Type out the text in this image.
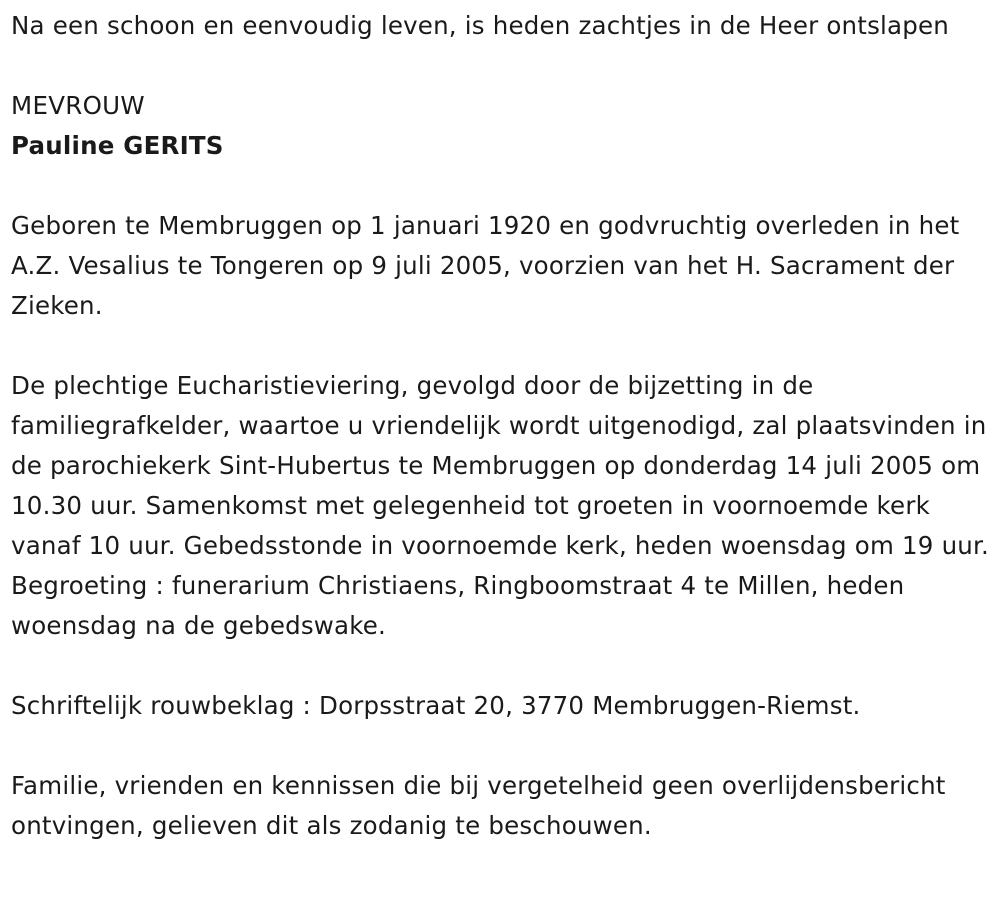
Na een schoon en eenvoudig leven, is heden zachtjes in de Heer ontslapen

MEVROUW

Pauline GERITS

Geboren te Membruggen op 1 januari 1920 en godvruchtig overleden in het A.Z. Vesalius te Tongeren op 9 juli 2005, voorzien van het H. Sacrament der Zieken.

De plechtige Eucharistieviering, gevolgd door de bijzetting in de familiegrafkelder, waartoe u vriendelijk wordt uitgenodigd, zal plaatsvinden in de parochiekerk Sint-Hubertus te Membruggen op donderdag 14 juli 2005 om 10.30 uur. Samenkomst met gelegenheid tot groeten in voornoemde kerk vanaf 10 uur. Gebedsstonde in voornoemde kerk, heden woensdag om 19 uur. Begroeting : funerarium Christiaens, Ringboomstraat 4 te Millen, heden woensdag na de gebedswake.

Schriftelijk rouwbeklag : Dorpsstraat 20, 3770 Membruggen-Riemst.

Familie, vrienden en kennissen die bij vergetelheid geen overlijdensbericht ontvingen, gelieven dit als zodanig te beschouwen.
